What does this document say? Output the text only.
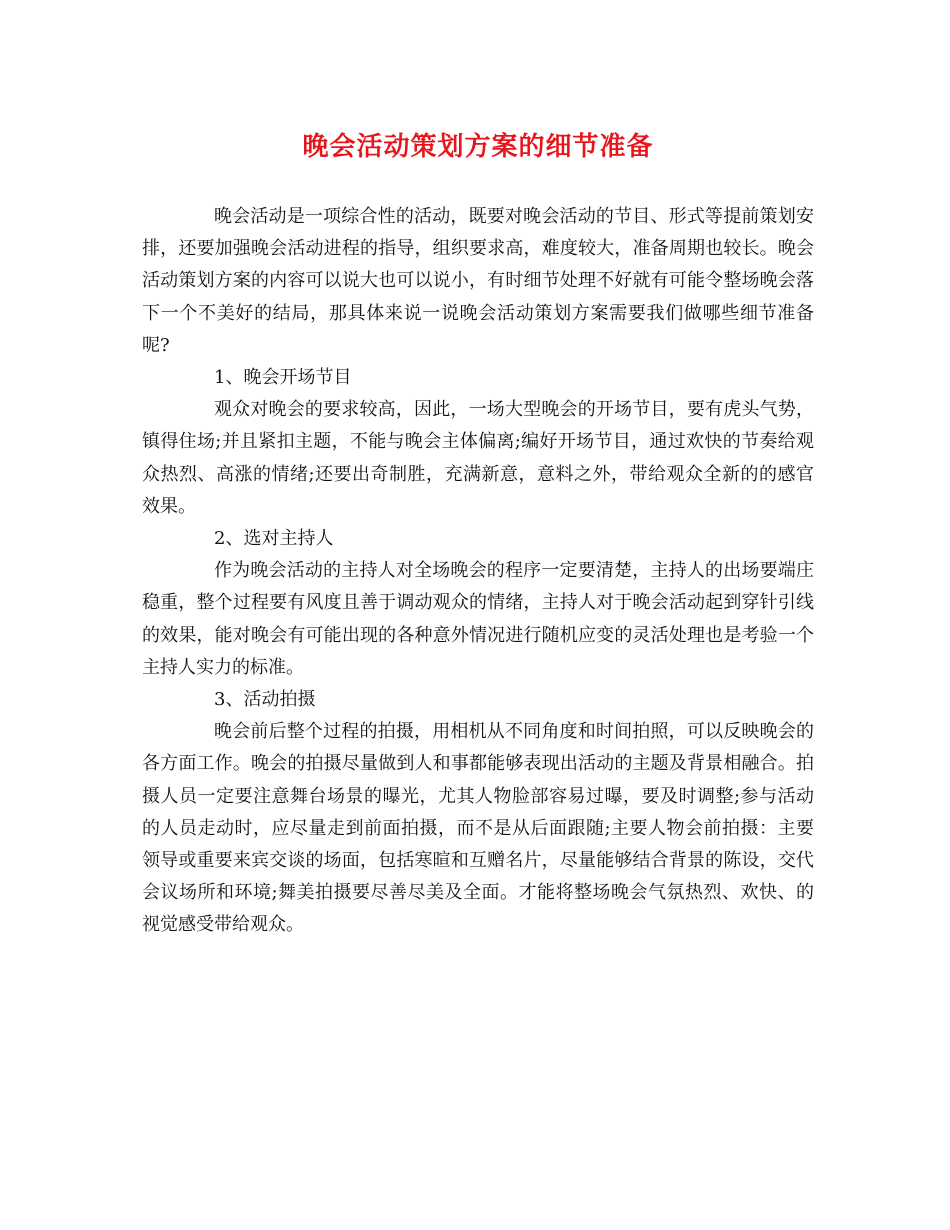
晚会活动策划方案的细节准备

晚会活动是一项综合性的活动，既要对晚会活动的节目、形式等提前策划安排，还要加强晚会活动进程的指导，组织要求高，难度较大，准备周期也较长。晚会活动策划方案的内容可以说大也可以说小，有时细节处理不好就有可能令整场晚会落下一个不美好的结局，那具体来说一说晚会活动策划方案需要我们做哪些细节准备呢?

1、晚会开场节目

观众对晚会的要求较高，因此，一场大型晚会的开场节目，要有虎头气势，镇得住场;并且紧扣主题，不能与晚会主体偏离;编好开场节目，通过欢快的节奏给观众热烈、高涨的情绪;还要出奇制胜，充满新意，意料之外，带给观众全新的的感官效果。

2、选对主持人

作为晚会活动的主持人对全场晚会的程序一定要清楚，主持人的出场要端庄稳重，整个过程要有风度且善于调动观众的情绪，主持人对于晚会活动起到穿针引线的效果，能对晚会有可能出现的各种意外情况进行随机应变的灵活处理也是考验一个主持人实力的标准。

3、活动拍摄

晚会前后整个过程的拍摄，用相机从不同角度和时间拍照，可以反映晚会的各方面工作。晚会的拍摄尽量做到人和事都能够表现出活动的主题及背景相融合。拍摄人员一定要注意舞台场景的曝光，尤其人物脸部容易过曝，要及时调整;参与活动的人员走动时，应尽量走到前面拍摄，而不是从后面跟随;主要人物会前拍摄：主要领导或重要来宾交谈的场面，包括寒暄和互赠名片，尽量能够结合背景的陈设，交代会议场所和环境;舞美拍摄要尽善尽美及全面。才能将整场晚会气氛热烈、欢快、的视觉感受带给观众。
